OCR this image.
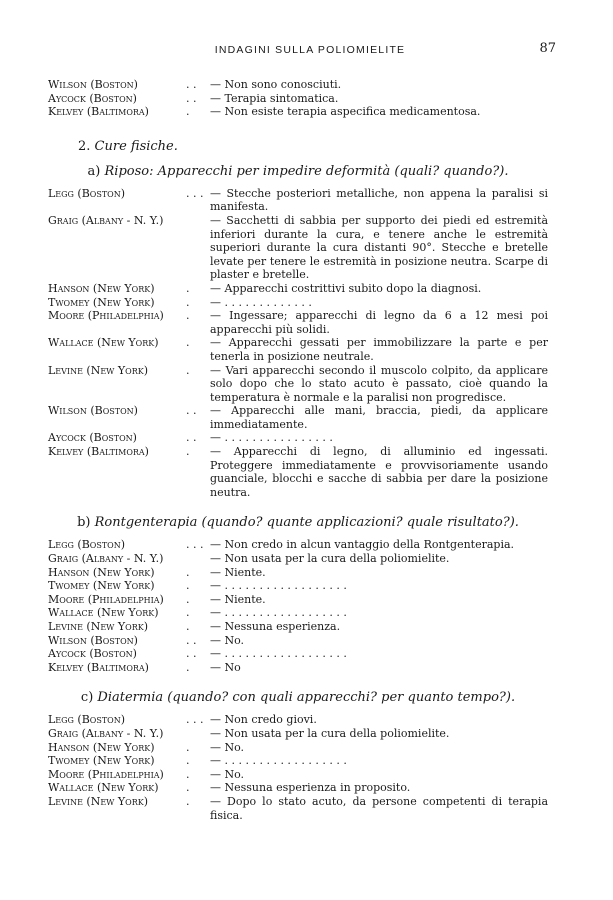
INDAGINI SULLA POLIOMIELITE	87
Wilson (Boston)	. .	— Non sono conosciuti.
Aycock (Boston)	. .	— Terapia sintomatica.
Kelvey (Baltimora)	.	— Non esiste terapia aspecifica medicamentosa.
2. Cure fisiche.
a) Riposo: Apparecchi per impedire deformità (quali? quando?).
Legg (Boston)	. . . — Stecche posteriori metalliche, non appena la paralisi si manifesta.
Graig (Albany - N. Y.)	— Sacchetti di sabbia per supporto dei piedi ed estremità inferiori durante la cura, e tenere anche le estremità superiori durante la cura distanti 90°. Stecche e bretelle levate per tenere le estremità in posizione neutra. Scarpe di plaster e bretelle.
Hanson (New York)	.	— Apparecchi costrittivi subito dopo la diagnosi.
Twomey (New York)	.	— . . . . . . . . . . . . .
Moore (Philadelphia)	.	— Ingessare; apparecchi di legno da 6 a 12 mesi poi apparecchi più solidi.
Wallace (New York)	.	— Apparecchi gessati per immobilizzare la parte e per tenerla in posizione neutrale.
Levine (New York)	.	— Vari apparecchi secondo il muscolo colpito, da applicare solo dopo che lo stato acuto è passato, cioè quando la temperatura è normale e la paralisi non progredisce.
Wilson (Boston)	. .	— Apparecchi alle mani, braccia, piedi, da applicare immediatamente.
Aycock (Boston)	. .	— . . . . . . . . . . . . . . . .
Kelvey (Baltimora)	.	— Apparecchi di legno, di alluminio ed ingessati. Proteggere immediatamente e provvisoriamente usando guanciale, blocchi e sacche di sabbia per dare la posizione neutra.
b) Rontgenterapia (quando? quante applicazioni? quale risultato?).
Legg (Boston)	. . . — Non credo in alcun vantaggio della Rontgenterapia.
Graig (Albany - N. Y.)	— Non usata per la cura della poliomielite.
Hanson (New York)	.	— Niente.
Twomey (New York)	.	— . . . . . . . . . . . . . . . . . .
Moore (Philadelphia)	.	— Niente.
Wallace (New York)	.	— . . . . . . . . . . . . . . . . . .
Levine (New York)	.	— Nessuna esperienza.
Wilson (Boston)	. .	— No.
Aycock (Boston)	. .	— . . . . . . . . . . . . . . . . . .
Kelvey (Baltimora)	.	— No
c) Diatermia (quando? con quali apparecchi? per quanto tempo?).
Legg (Boston)	. . . — Non credo giovi.
Graig (Albany - N. Y.)	— Non usata per la cura della poliomielite.
Hanson (New York)	.	— No.
Twomey (New York)	.	— . . . . . . . . . . . . . . . . . .
Moore (Philadelphia)	.	— No.
Wallace (New York)	.	— Nessuna esperienza in proposito.
Levine (New York)	.	— Dopo lo stato acuto, da persone competenti di terapia fisica.
